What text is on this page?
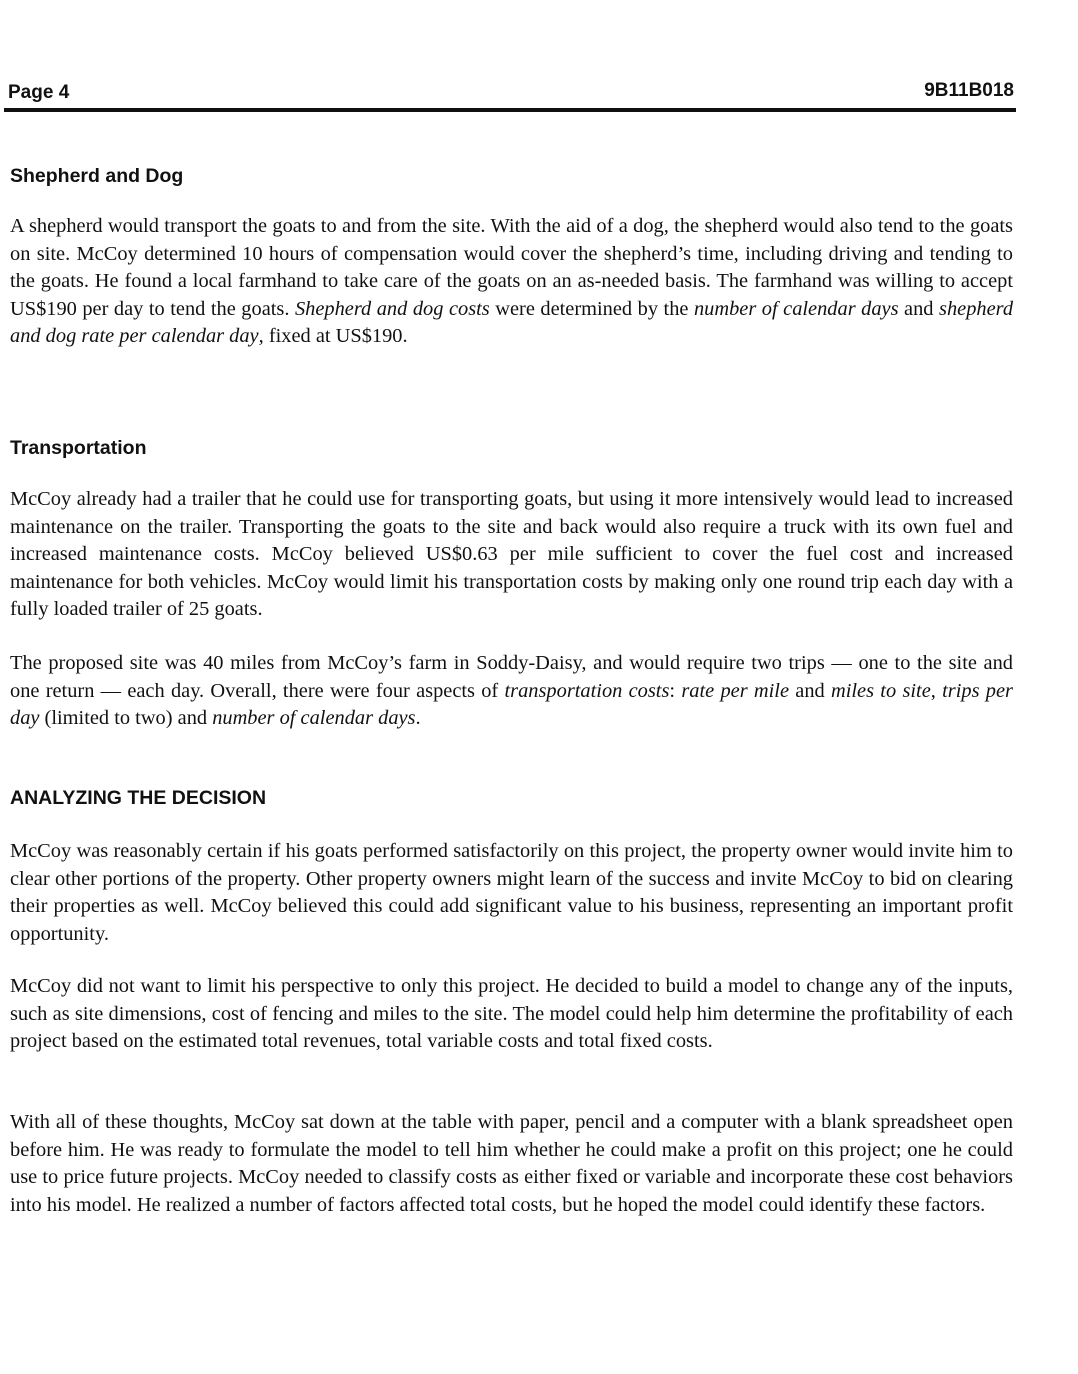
Page 4	9B11B018
Shepherd and Dog

A shepherd would transport the goats to and from the site. With the aid of a dog, the shepherd would also tend to the goats on site. McCoy determined 10 hours of compensation would cover the shepherd’s time, including driving and tending to the goats. He found a local farmhand to take care of the goats on an as-needed basis. The farmhand was willing to accept US$190 per day to tend the goats. Shepherd and dog costs were determined by the number of calendar days and shepherd and dog rate per calendar day, fixed at US$190.

Transportation

McCoy already had a trailer that he could use for transporting goats, but using it more intensively would lead to increased maintenance on the trailer. Transporting the goats to the site and back would also require a truck with its own fuel and increased maintenance costs. McCoy believed US$0.63 per mile sufficient to cover the fuel cost and increased maintenance for both vehicles. McCoy would limit his transportation costs by making only one round trip each day with a fully loaded trailer of 25 goats.

The proposed site was 40 miles from McCoy’s farm in Soddy-Daisy, and would require two trips — one to the site and one return — each day. Overall, there were four aspects of transportation costs: rate per mile and miles to site, trips per day (limited to two) and number of calendar days.

ANALYZING THE DECISION

McCoy was reasonably certain if his goats performed satisfactorily on this project, the property owner would invite him to clear other portions of the property. Other property owners might learn of the success and invite McCoy to bid on clearing their properties as well. McCoy believed this could add significant value to his business, representing an important profit opportunity.

McCoy did not want to limit his perspective to only this project. He decided to build a model to change any of the inputs, such as site dimensions, cost of fencing and miles to the site. The model could help him determine the profitability of each project based on the estimated total revenues, total variable costs and total fixed costs.

With all of these thoughts, McCoy sat down at the table with paper, pencil and a computer with a blank spreadsheet open before him. He was ready to formulate the model to tell him whether he could make a profit on this project; one he could use to price future projects. McCoy needed to classify costs as either fixed or variable and incorporate these cost behaviors into his model. He realized a number of factors affected total costs, but he hoped the model could identify these factors.
